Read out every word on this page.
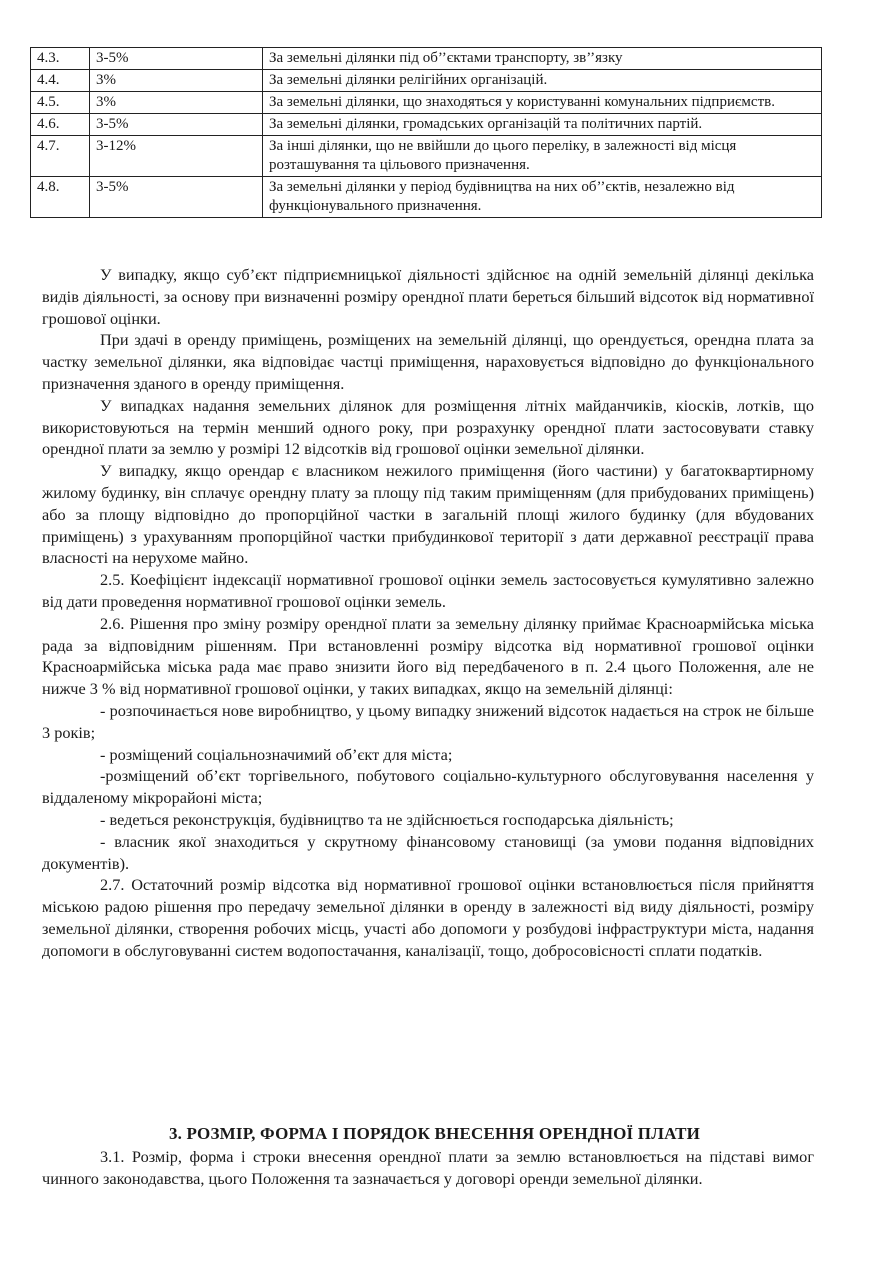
4.3.	3-5%	За земельні ділянки під об’’єктами транспорту, зв’’язку
4.4.	3%	За земельні ділянки релігійних організацій.
4.5.	3%	За земельні ділянки, що знаходяться у користуванні комунальних підприємств.
4.6.	3-5%	За земельні ділянки, громадських організацій та політичних партій.
4.7.	3-12%	За інші ділянки, що не ввійшли до цього переліку, в залежності від місця розташування та цільового призначення.
4.8.	3-5%	За земельні ділянки у період будівництва на них об’’єктів, незалежно від функціонувального призначення.

У випадку, якщо суб’єкт підприємницької діяльності здійснює на одній земельній ділянці декілька видів діяльності, за основу при визначенні розміру орендної плати береться більший відсоток від нормативної грошової оцінки.

При здачі в оренду приміщень, розміщених на земельній ділянці, що орендується, орендна плата за частку земельної ділянки, яка відповідає частці приміщення, нараховується відповідно до функціонального призначення зданого в оренду приміщення.

У випадках надання земельних ділянок для розміщення літніх майданчиків, кіосків, лотків, що використовуються на термін менший одного року, при розрахунку орендної плати застосовувати ставку орендної плати за землю у розмірі 12 відсотків від грошової оцінки земельної ділянки.

У випадку, якщо орендар є власником нежилого приміщення (його частини) у багатоквартирному жилому будинку, він сплачує орендну плату за площу під таким приміщенням (для прибудованих приміщень) або за площу відповідно до пропорційної частки в загальній площі жилого будинку (для вбудованих приміщень) з урахуванням пропорційної частки прибудинкової території з дати державної реєстрації права власності на нерухоме майно.

2.5. Коефіцієнт індексації нормативної грошової оцінки земель застосовується кумулятивно залежно від дати проведення нормативної грошової оцінки земель.

2.6. Рішення про зміну розміру орендної плати за земельну ділянку приймає Красноармійська міська рада за відповідним рішенням. При встановленні розміру відсотка від нормативної грошової оцінки Красноармійська міська рада має право знизити його від передбаченого в п. 2.4 цього Положення, але не нижче 3 % від нормативної грошової оцінки, у таких випадках, якщо на земельній ділянці:

- розпочинається нове виробництво, у цьому випадку знижений відсоток надається на строк не більше 3 років;

- розміщений соціальнозначимий об’єкт для міста;

-розміщений об’єкт торгівельного, побутового соціально-культурного обслуговування населення у віддаленому мікрорайоні міста;

- ведеться реконструкція, будівництво та не здійснюється господарська діяльність;

- власник якої знаходиться у скрутному фінансовому становищі (за умови подання відповідних документів).

2.7. Остаточний розмір відсотка від нормативної грошової оцінки встановлюється після прийняття міською радою рішення про передачу земельної ділянки в оренду в залежності від виду діяльності, розміру земельної ділянки, створення робочих місць, участі або допомоги у розбудові інфраструктури міста, надання допомоги в обслуговуванні систем водопостачання, каналізації, тощо, добросовісності сплати податків.

3. РОЗМІР, ФОРМА І ПОРЯДОК ВНЕСЕННЯ ОРЕНДНОЇ ПЛАТИ

3.1. Розмір, форма і строки внесення орендної плати за землю встановлюється на підставі вимог чинного законодавства, цього Положення та зазначається у договорі оренди земельної ділянки.
